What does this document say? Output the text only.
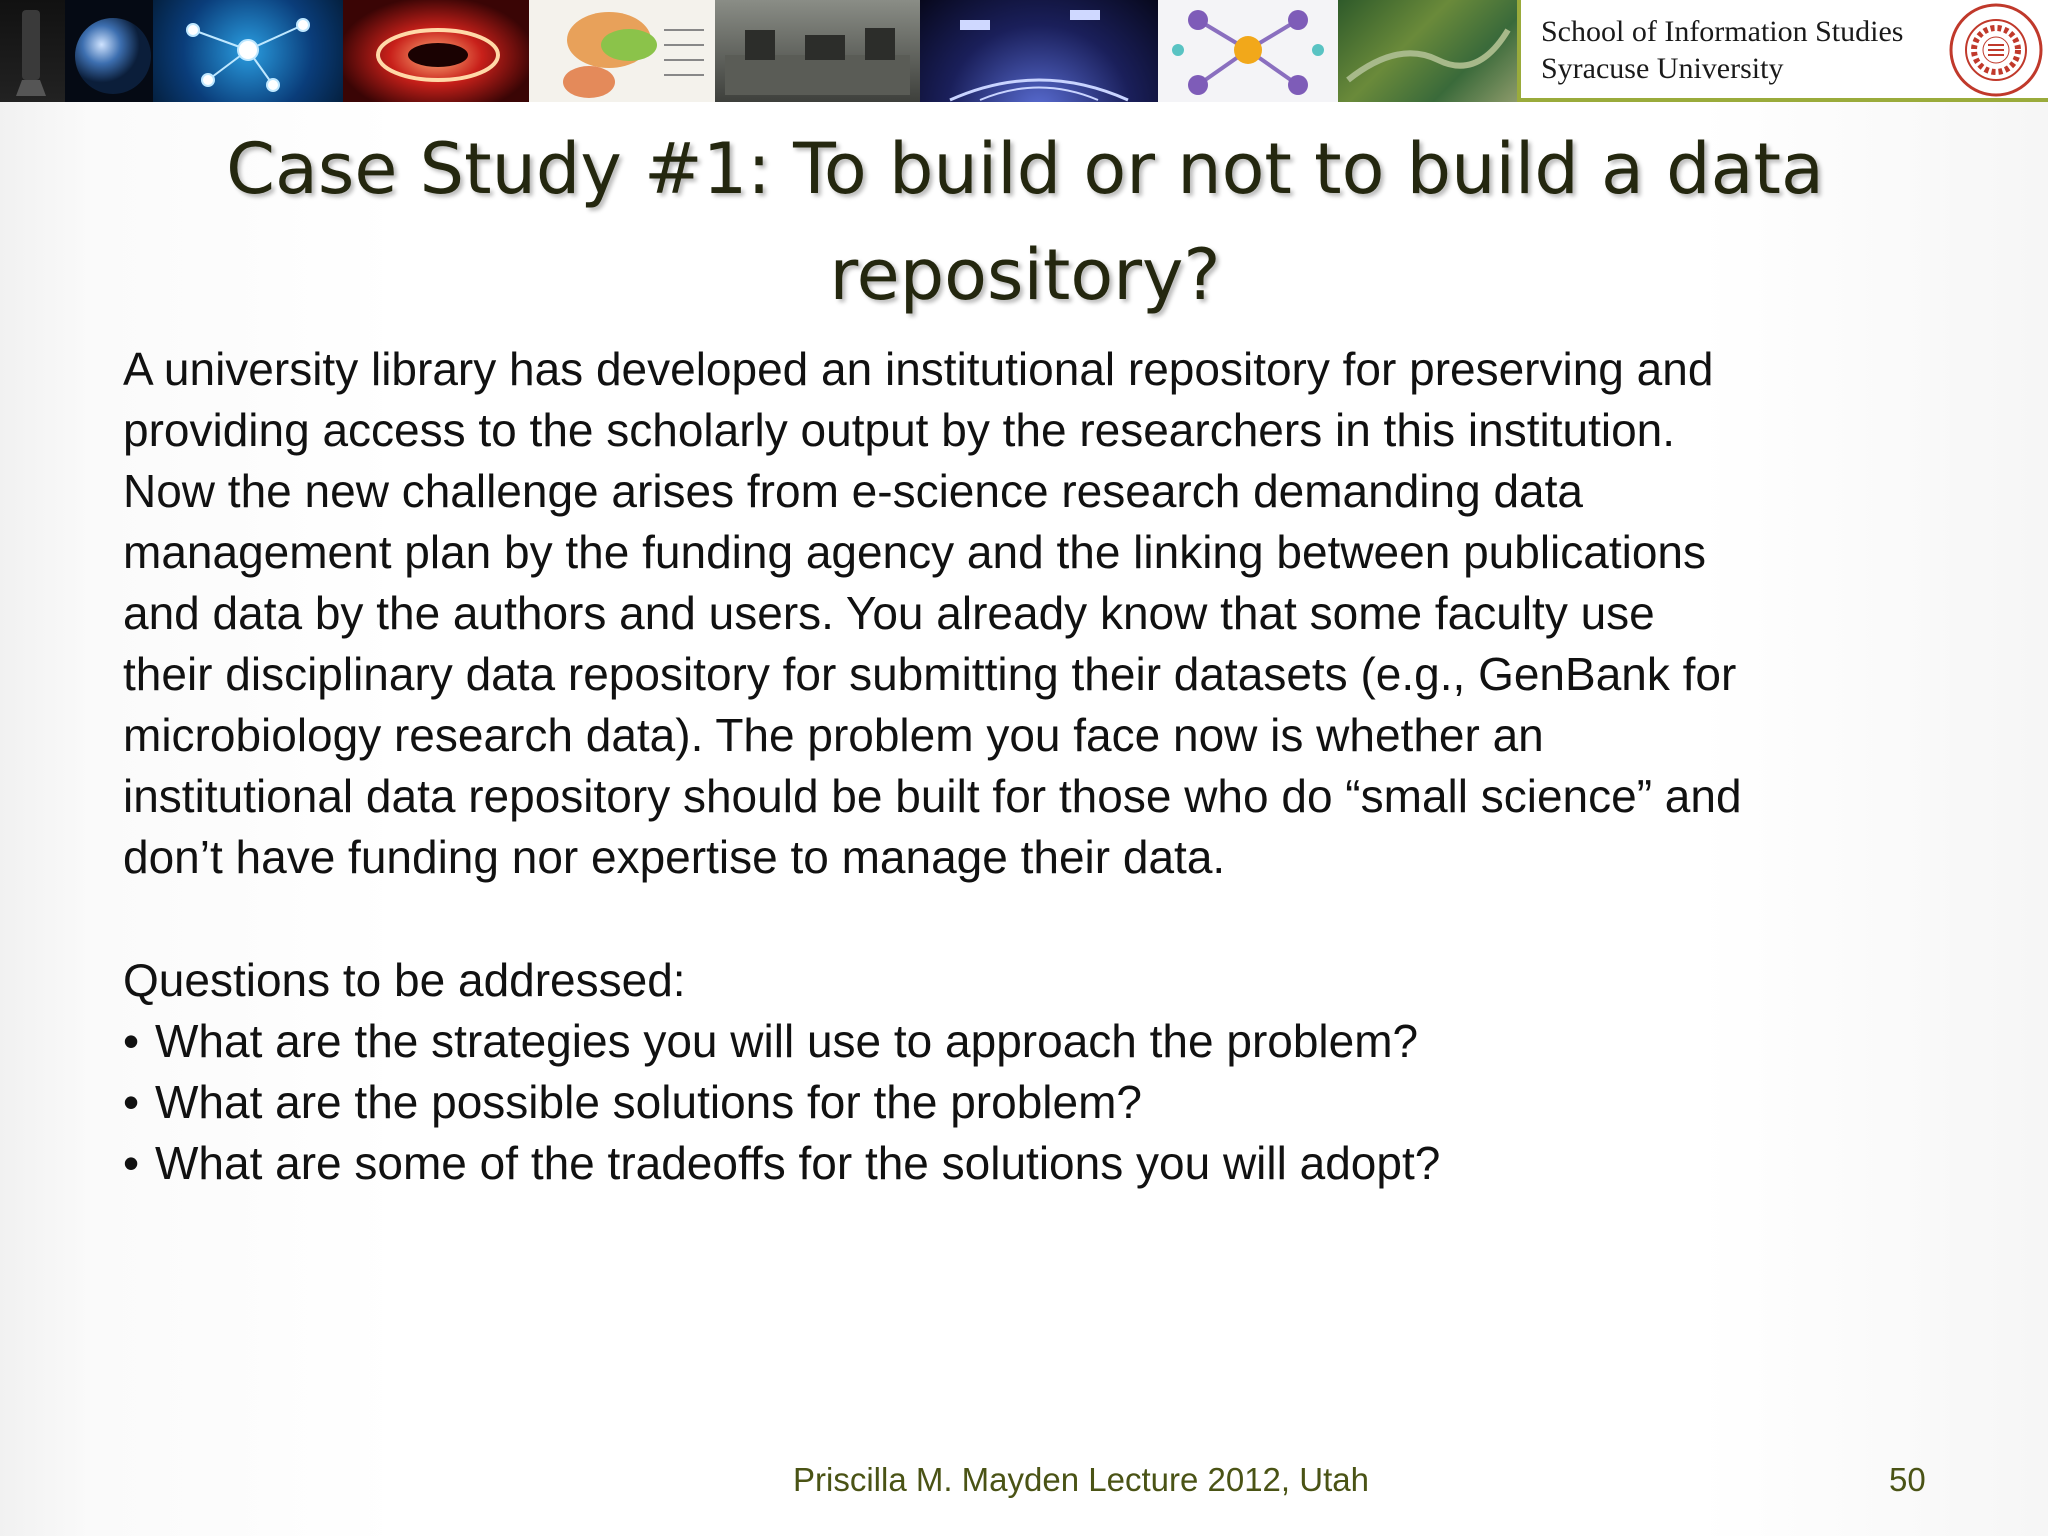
School of Information Studies
Syracuse University
Case Study #1: To build or not to build a data
repository?
A university library has developed an institutional repository for preserving and
providing access to the scholarly output by the researchers in this institution.
Now the new challenge arises from e-science research demanding data
management plan by the funding agency and the linking between publications
and data by the authors and users. You already know that some faculty use
their disciplinary data repository for submitting their datasets (e.g., GenBank for
microbiology research data). The problem you face now is whether an
institutional data repository should be built for those who do “small science” and
don’t have funding nor expertise to manage their data.
Questions to be addressed:
• What are the strategies you will use to approach the problem?
• What are the possible solutions for the problem?
• What are some of the tradeoffs for the solutions you will adopt?
Priscilla M. Mayden Lecture 2012, Utah	50
